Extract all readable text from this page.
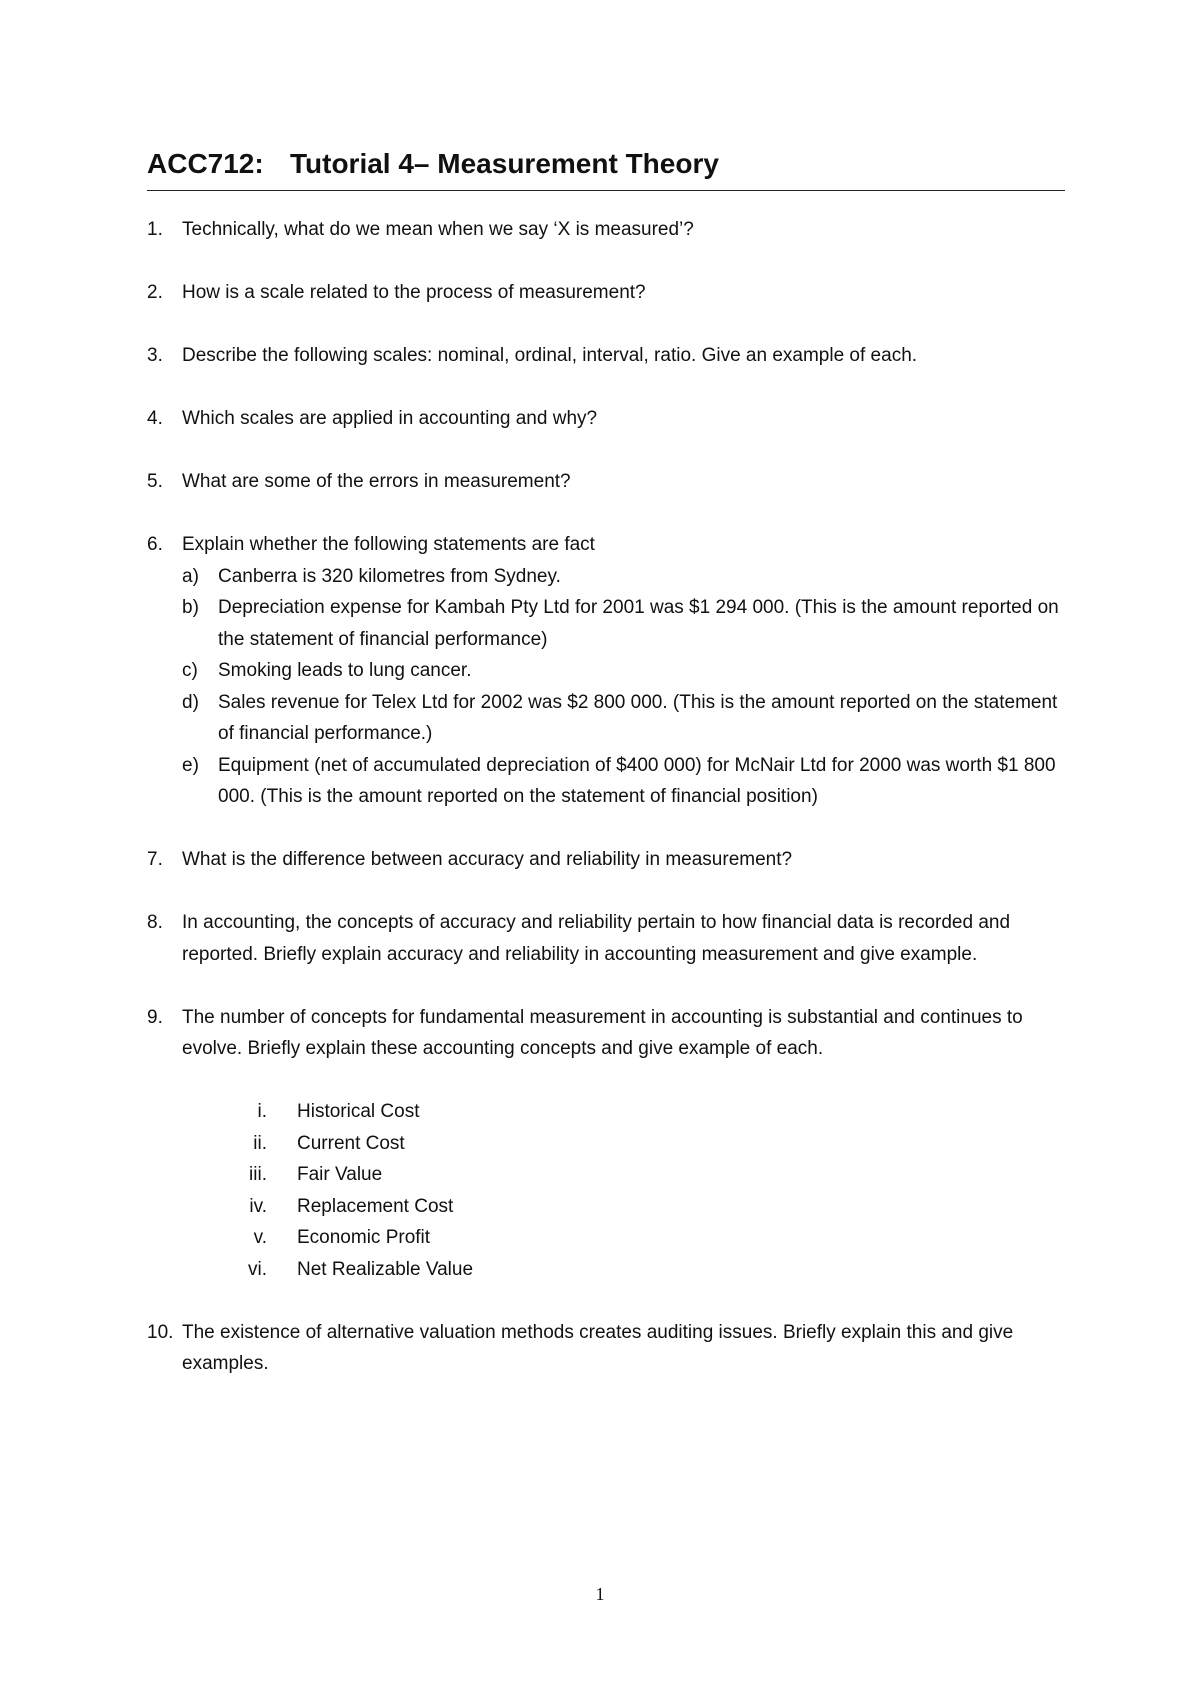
ACC712: Tutorial 4– Measurement Theory
1.	Technically, what do we mean when we say ‘X is measured’?
2.	How is a scale related to the process of measurement?
3.	Describe the following scales: nominal, ordinal, interval, ratio. Give an example of each.
4.	Which scales are applied in accounting and why?
5.	What are some of the errors in measurement?
6.	Explain whether the following statements are fact
a)	Canberra is 320 kilometres from Sydney.
b)	Depreciation expense for Kambah Pty Ltd for 2001 was $1 294 000. (This is the amount reported on the statement of financial performance)
c)	Smoking leads to lung cancer.
d)	Sales revenue for Telex Ltd for 2002 was $2 800 000. (This is the amount reported on the statement of financial performance.)
e)	Equipment (net of accumulated depreciation of $400 000) for McNair Ltd for 2000 was worth $1 800 000. (This is the amount reported on the statement of financial position)
7.	What is the difference between accuracy and reliability in measurement?
8.	In accounting, the concepts of accuracy and reliability pertain to how financial data is recorded and reported. Briefly explain accuracy and reliability in accounting measurement and give example.
9.	The number of concepts for fundamental measurement in accounting is substantial and continues to evolve. Briefly explain these accounting concepts and give example of each.
i.	Historical Cost
ii.	Current Cost
iii.	Fair Value
iv.	Replacement Cost
v.	Economic Profit
vi.	Net Realizable Value
10. The existence of alternative valuation methods creates auditing issues. Briefly explain this and give examples.
1
